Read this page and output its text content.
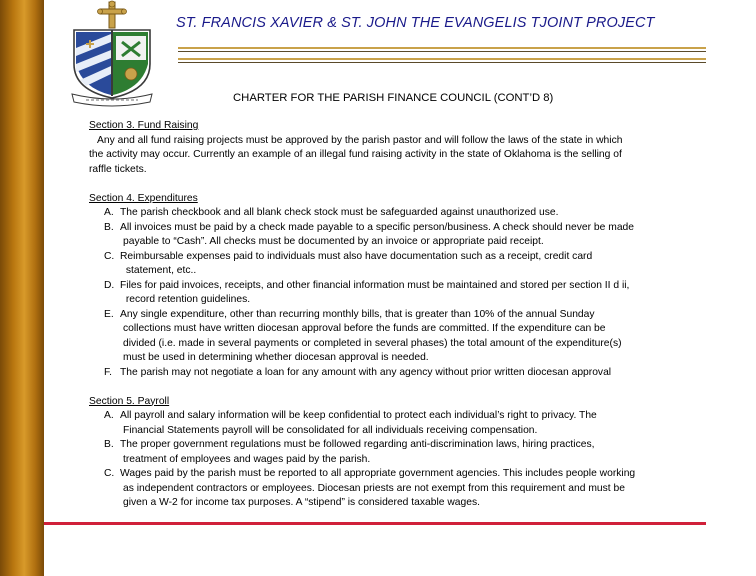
ST. FRANCIS XAVIER & ST. JOHN THE EVANGELIS TJOINT PROJECT
CHARTER FOR THE PARISH FINANCE COUNCIL (CONT’D 8)
Section 3. Fund Raising
Any and all fund raising projects must be approved by the parish pastor and will follow the laws of the state in which
the activity may occur. Currently an example of an illegal fund raising activity in the state of Oklahoma is the selling of
raffle tickets.
Section 4. Expenditures
A. The parish checkbook and all blank check stock must be safeguarded against unauthorized use.
B. All invoices must be paid by a check made payable to a specific person/business. A check should never be made
payable to “Cash”. All checks must be documented by an invoice or appropriate paid receipt.
C. Reimbursable expenses paid to individuals must also have documentation such as a receipt, credit card
statement, etc..
D. Files for paid invoices, receipts, and other financial information must be maintained and stored per section II d ii,
record retention guidelines.
E. Any single expenditure, other than recurring monthly bills, that is greater than 10% of the annual Sunday
collections must have written diocesan approval before the funds are committed. If the expenditure can be
divided (i.e. made in several payments or completed in several phases) the total amount of the expenditure(s)
must be used in determining whether diocesan approval is needed.
F. The parish may not negotiate a loan for any amount with any agency without prior written diocesan approval
Section 5. Payroll
A. All payroll and salary information will be keep confidential to protect each individual’s right to privacy. The
Financial Statements payroll will be consolidated for all individuals receiving compensation.
B. The proper government regulations must be followed regarding anti-discrimination laws, hiring practices,
treatment of employees and wages paid by the parish.
C. Wages paid by the parish must be reported to all appropriate government agencies. This includes people working
as independent contractors or employees. Diocesan priests are not exempt from this requirement and must be
given a W-2 for income tax purposes. A “stipend” is considered taxable wages.
